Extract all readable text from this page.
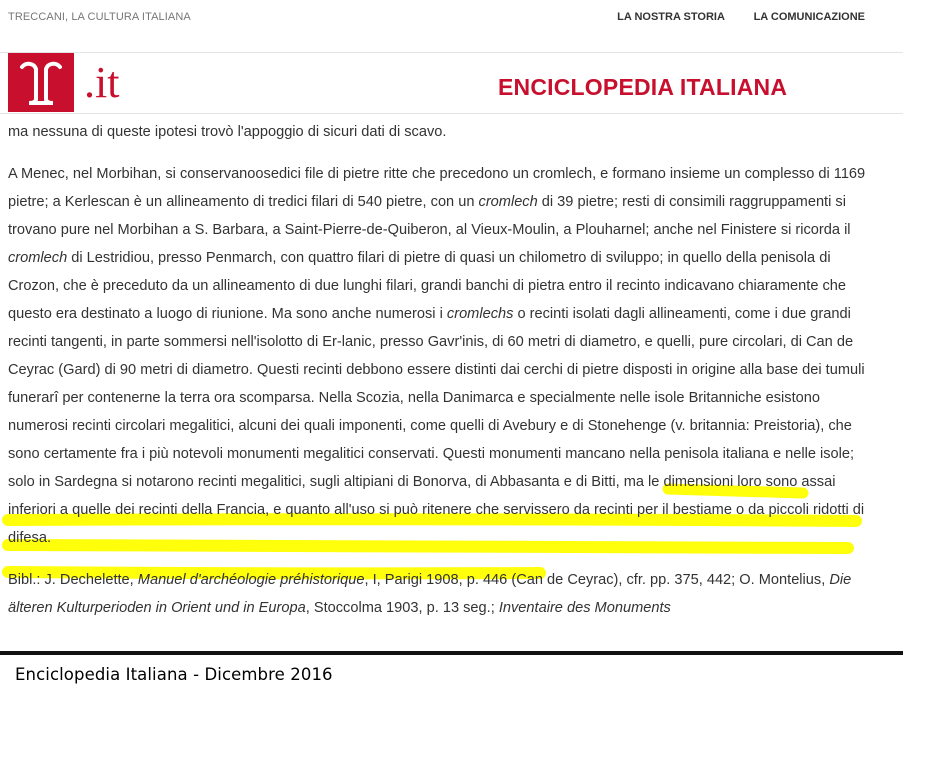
TRECCANI, LA CULTURA ITALIANA	LA NOSTRA STORIA	LA COMUNICAZIONE
.it	ENCICLOPEDIA ITALIANA

ma nessuna di queste ipotesi trovò l'appoggio di sicuri dati di scavo.

A Menec, nel Morbihan, si conservanoosedici file di pietre ritte che precedono un cromlech, e formano insieme un complesso di 1169 pietre; a Kerlescan è un allineamento di tredici filari di 540 pietre, con un cromlech di 39 pietre; resti di consimili raggruppamenti si trovano pure nel Morbihan a S. Barbara, a Saint-Pierre-de-Quiberon, al Vieux-Moulin, a Plouharnel; anche nel Finistere si ricorda il cromlech di Lestridiou, presso Penmarch, con quattro filari di pietre di quasi un chilometro di sviluppo; in quello della penisola di Crozon, che è preceduto da un allineamento di due lunghi filari, grandi banchi di pietra entro il recinto indicavano chiaramente che questo era destinato a luogo di riunione. Ma sono anche numerosi i cromlechs o recinti isolati dagli allineamenti, come i due grandi recinti tangenti, in parte sommersi nell'isolotto di Er-lanic, presso Gavr'inis, di 60 metri di diametro, e quelli, pure circolari, di Can de Ceyrac (Gard) di 90 metri di diametro. Questi recinti debbono essere distinti dai cerchi di pietre disposti in origine alla base dei tumuli funerarî per contenerne la terra ora scomparsa. Nella Scozia, nella Danimarca e specialmente nelle isole Britanniche esistono numerosi recinti circolari megalitici, alcuni dei quali imponenti, come quelli di Avebury e di Stonehenge (v. britannia: Preistoria), che sono certamente fra i più notevoli monumenti megalitici conservati. Questi monumenti mancano nella penisola italiana e nelle isole; solo in Sardegna si notarono recinti megalitici, sugli altipiani di Bonorva, di Abbasanta e di Bitti, ma le dimensioni loro sono assai inferiori a quelle dei recinti della Francia, e quanto all'uso si può ritenere che servissero da recinti per il bestiame o da piccoli ridotti di difesa.

Bibl.: J. Dechelette, Manuel d'archéologie préhistorique, I, Parigi 1908, p. 446 (Can de Ceyrac), cfr. pp. 375, 442; O. Montelius, Die älteren Kulturperioden in Orient und in Europa, Stoccolma 1903, p. 13 seg.; Inventaire des Monuments

Enciclopedia Italiana - Dicembre 2016
